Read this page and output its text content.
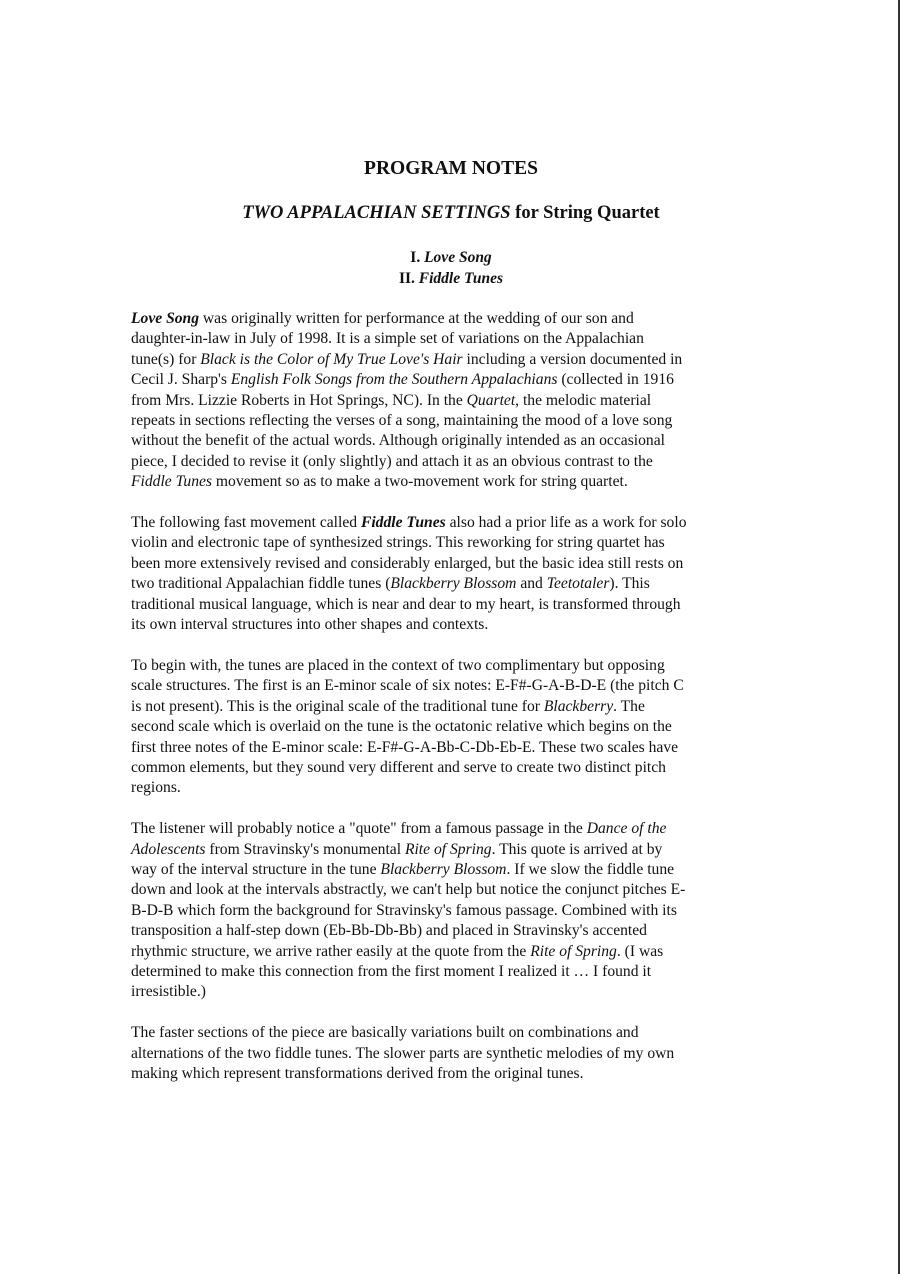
PROGRAM NOTES
TWO APPALACHIAN SETTINGS for String Quartet
I. Love Song
II. Fiddle Tunes

Love Song was originally written for performance at the wedding of our son and
daughter-in-law in July of 1998. It is a simple set of variations on the Appalachian
tune(s) for Black is the Color of My True Love's Hair including a version documented in
Cecil J. Sharp's English Folk Songs from the Southern Appalachians (collected in 1916
from Mrs. Lizzie Roberts in Hot Springs, NC). In the Quartet, the melodic material
repeats in sections reflecting the verses of a song, maintaining the mood of a love song
without the benefit of the actual words. Although originally intended as an occasional
piece, I decided to revise it (only slightly) and attach it as an obvious contrast to the
Fiddle Tunes movement so as to make a two-movement work for string quartet.

The following fast movement called Fiddle Tunes also had a prior life as a work for solo
violin and electronic tape of synthesized strings. This reworking for string quartet has
been more extensively revised and considerably enlarged, but the basic idea still rests on
two traditional Appalachian fiddle tunes (Blackberry Blossom and Teetotaler). This
traditional musical language, which is near and dear to my heart, is transformed through
its own interval structures into other shapes and contexts.

To begin with, the tunes are placed in the context of two complimentary but opposing
scale structures. The first is an E-minor scale of six notes: E-F#-G-A-B-D-E (the pitch C
is not present). This is the original scale of the traditional tune for Blackberry. The
second scale which is overlaid on the tune is the octatonic relative which begins on the
first three notes of the E-minor scale: E-F#-G-A-Bb-C-Db-Eb-E. These two scales have
common elements, but they sound very different and serve to create two distinct pitch
regions.

The listener will probably notice a "quote" from a famous passage in the Dance of the
Adolescents from Stravinsky's monumental Rite of Spring. This quote is arrived at by
way of the interval structure in the tune Blackberry Blossom. If we slow the fiddle tune
down and look at the intervals abstractly, we can't help but notice the conjunct pitches E-
B-D-B which form the background for Stravinsky's famous passage. Combined with its
transposition a half-step down (Eb-Bb-Db-Bb) and placed in Stravinsky's accented
rhythmic structure, we arrive rather easily at the quote from the Rite of Spring. (I was
determined to make this connection from the first moment I realized it … I found it
irresistible.)

The faster sections of the piece are basically variations built on combinations and
alternations of the two fiddle tunes. The slower parts are synthetic melodies of my own
making which represent transformations derived from the original tunes.
